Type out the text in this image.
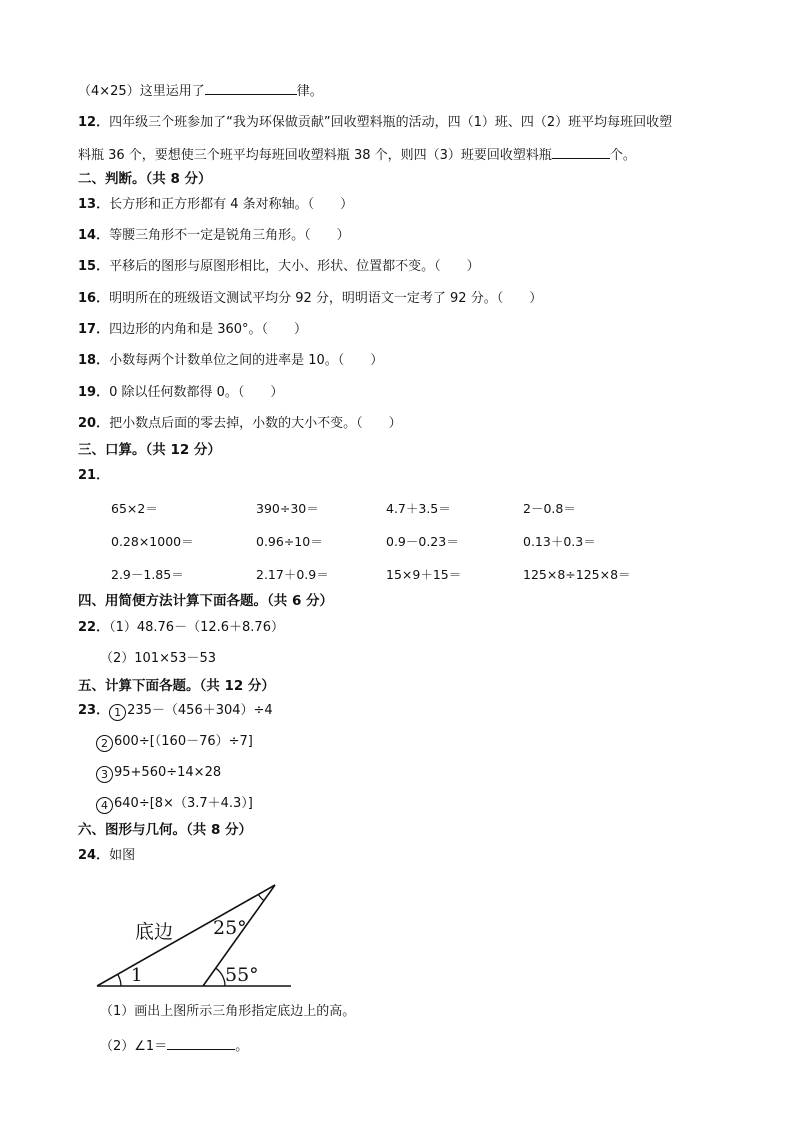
（4×25）这里运用了	律。
12．四年级三个班参加了“我为环保做贡献”回收塑料瓶的活动，四（1）班、四（2）班平均每班回收塑
料瓶 36 个，要想使三个班平均每班回收塑料瓶 38 个，则四（3）班要回收塑料瓶	个。
二、判断。（共 8 分）
13．长方形和正方形都有 4 条对称轴。（　　）
14．等腰三角形不一定是锐角三角形。（　　）
15．平移后的图形与原图形相比，大小、形状、位置都不变。（　　）
16．明明所在的班级语文测试平均分 92 分，明明语文一定考了 92 分。（　　）
17．四边形的内角和是 360°。（　　）
18．小数每两个计数单位之间的进率是 10。（　　）
19．0 除以任何数都得 0。（　　）
20．把小数点后面的零去掉，小数的大小不变。（　　）
三、口算。（共 12 分）
21．
65×2＝	390÷30＝	4.7＋3.5＝	2－0.8＝
0.28×1000＝	0.96÷10＝	0.9－0.23＝	0.13＋0.3＝
2.9－1.85＝	2.17＋0.9＝	15×9＋15＝	125×8÷125×8＝
四、用简便方法计算下面各题。（共 6 分）
22．（1）48.76－（12.6＋8.76）
（2）101×53－53
五、计算下面各题。（共 12 分）
23． 1 235－（456＋304）÷4
2 600÷[（160－76）÷7]
3 95+560÷14×28
4 640÷[8×（3.7＋4.3）]
六、图形与几何。（共 8 分）
24．如图
底边 25°
1	55°
（1）画出上图所示三角形指定底边上的高。
（2）∠1＝	。
